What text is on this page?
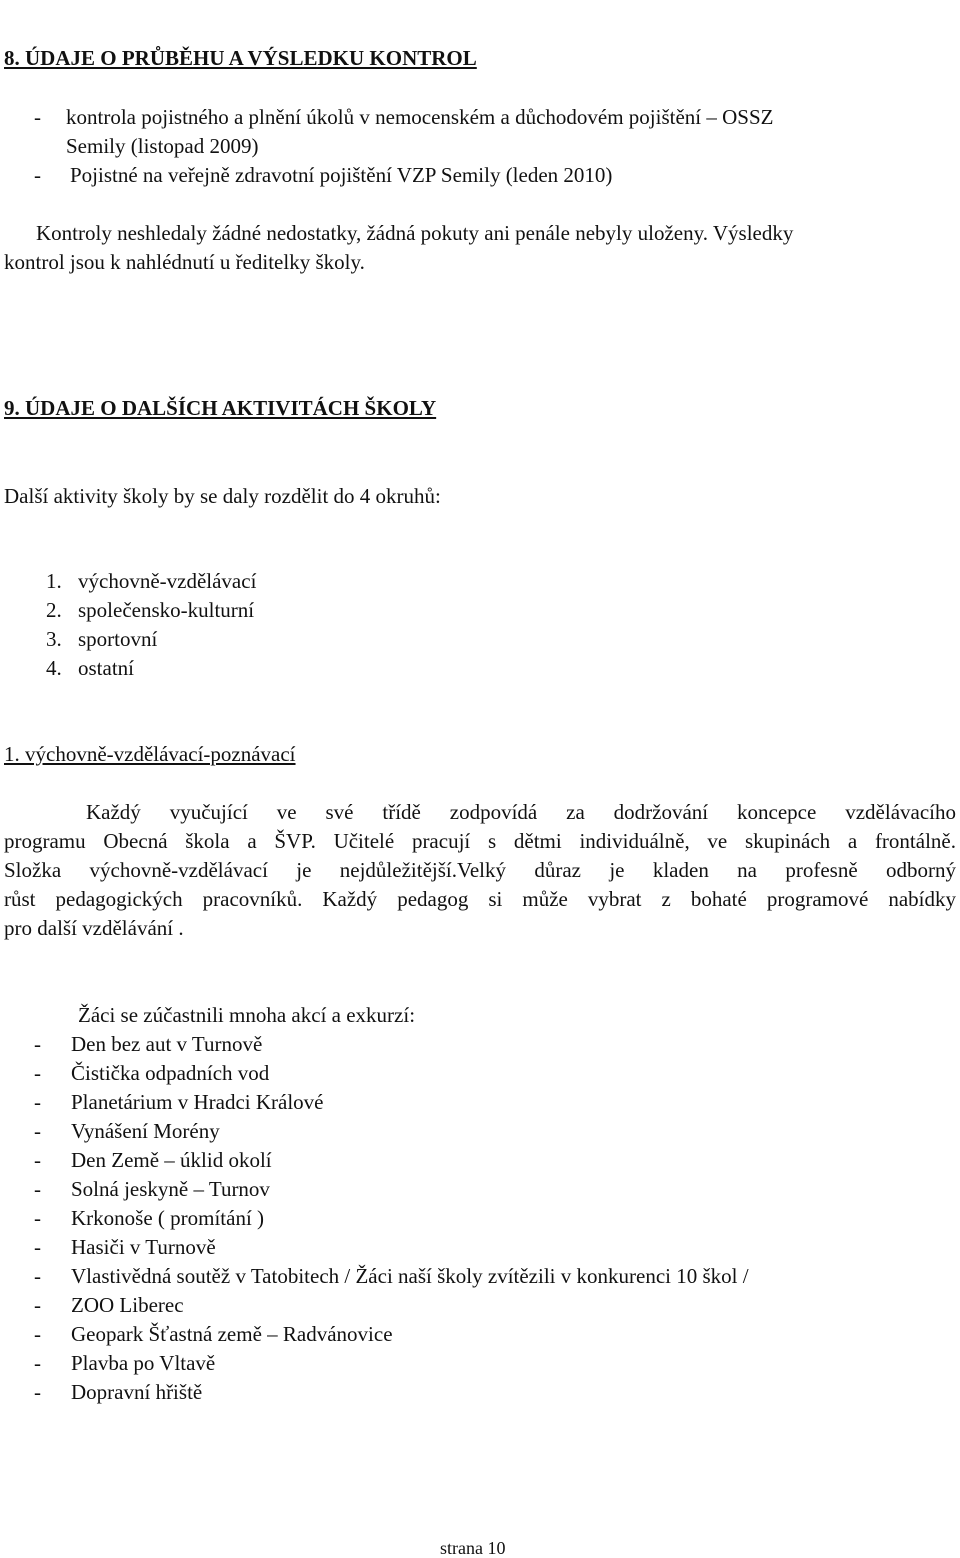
8. ÚDAJE O PRŮBĚHU A VÝSLEDKU KONTROL
- kontrola pojistného a plnění úkolů v nemocenském a důchodovém pojištění – OSSZ
Semily (listopad 2009)
- Pojistné na veřejně zdravotní pojištění VZP Semily (leden 2010)
Kontroly neshledaly žádné nedostatky, žádná pokuty ani penále nebyly uloženy. Výsledky
kontrol jsou k nahlédnutí u ředitelky školy.
9. ÚDAJE O DALŠÍCH AKTIVITÁCH ŠKOLY
Další aktivity školy by se daly rozdělit do 4 okruhů:
1. výchovně-vzdělávací
2. společensko-kulturní
3. sportovní
4. ostatní
1. výchovně-vzdělávací-poznávací
Každý vyučující ve své třídě zodpovídá za dodržování koncepce vzdělávacího
programu Obecná škola a ŠVP. Učitelé pracují s dětmi individuálně, ve skupinách a frontálně.
Složka výchovně-vzdělávací je nejdůležitější.Velký důraz je kladen na profesně odborný
růst pedagogických pracovníků. Každý pedagog si může vybrat z bohaté programové nabídky
pro další vzdělávání .
Žáci se zúčastnili mnoha akcí a exkurzí:
- Den bez aut v Turnově
- Čistička odpadních vod
- Planetárium v Hradci Králové
- Vynášení Morény
- Den Země – úklid okolí
- Solná jeskyně – Turnov
- Krkonoše ( promítání )
- Hasiči v Turnově
- Vlastivědná soutěž v Tatobitech / Žáci naší školy zvítězili v konkurenci 10 škol /
- ZOO Liberec
- Geopark Šťastná země – Radvánovice
- Plavba po Vltavě
- Dopravní hřiště
strana 10
